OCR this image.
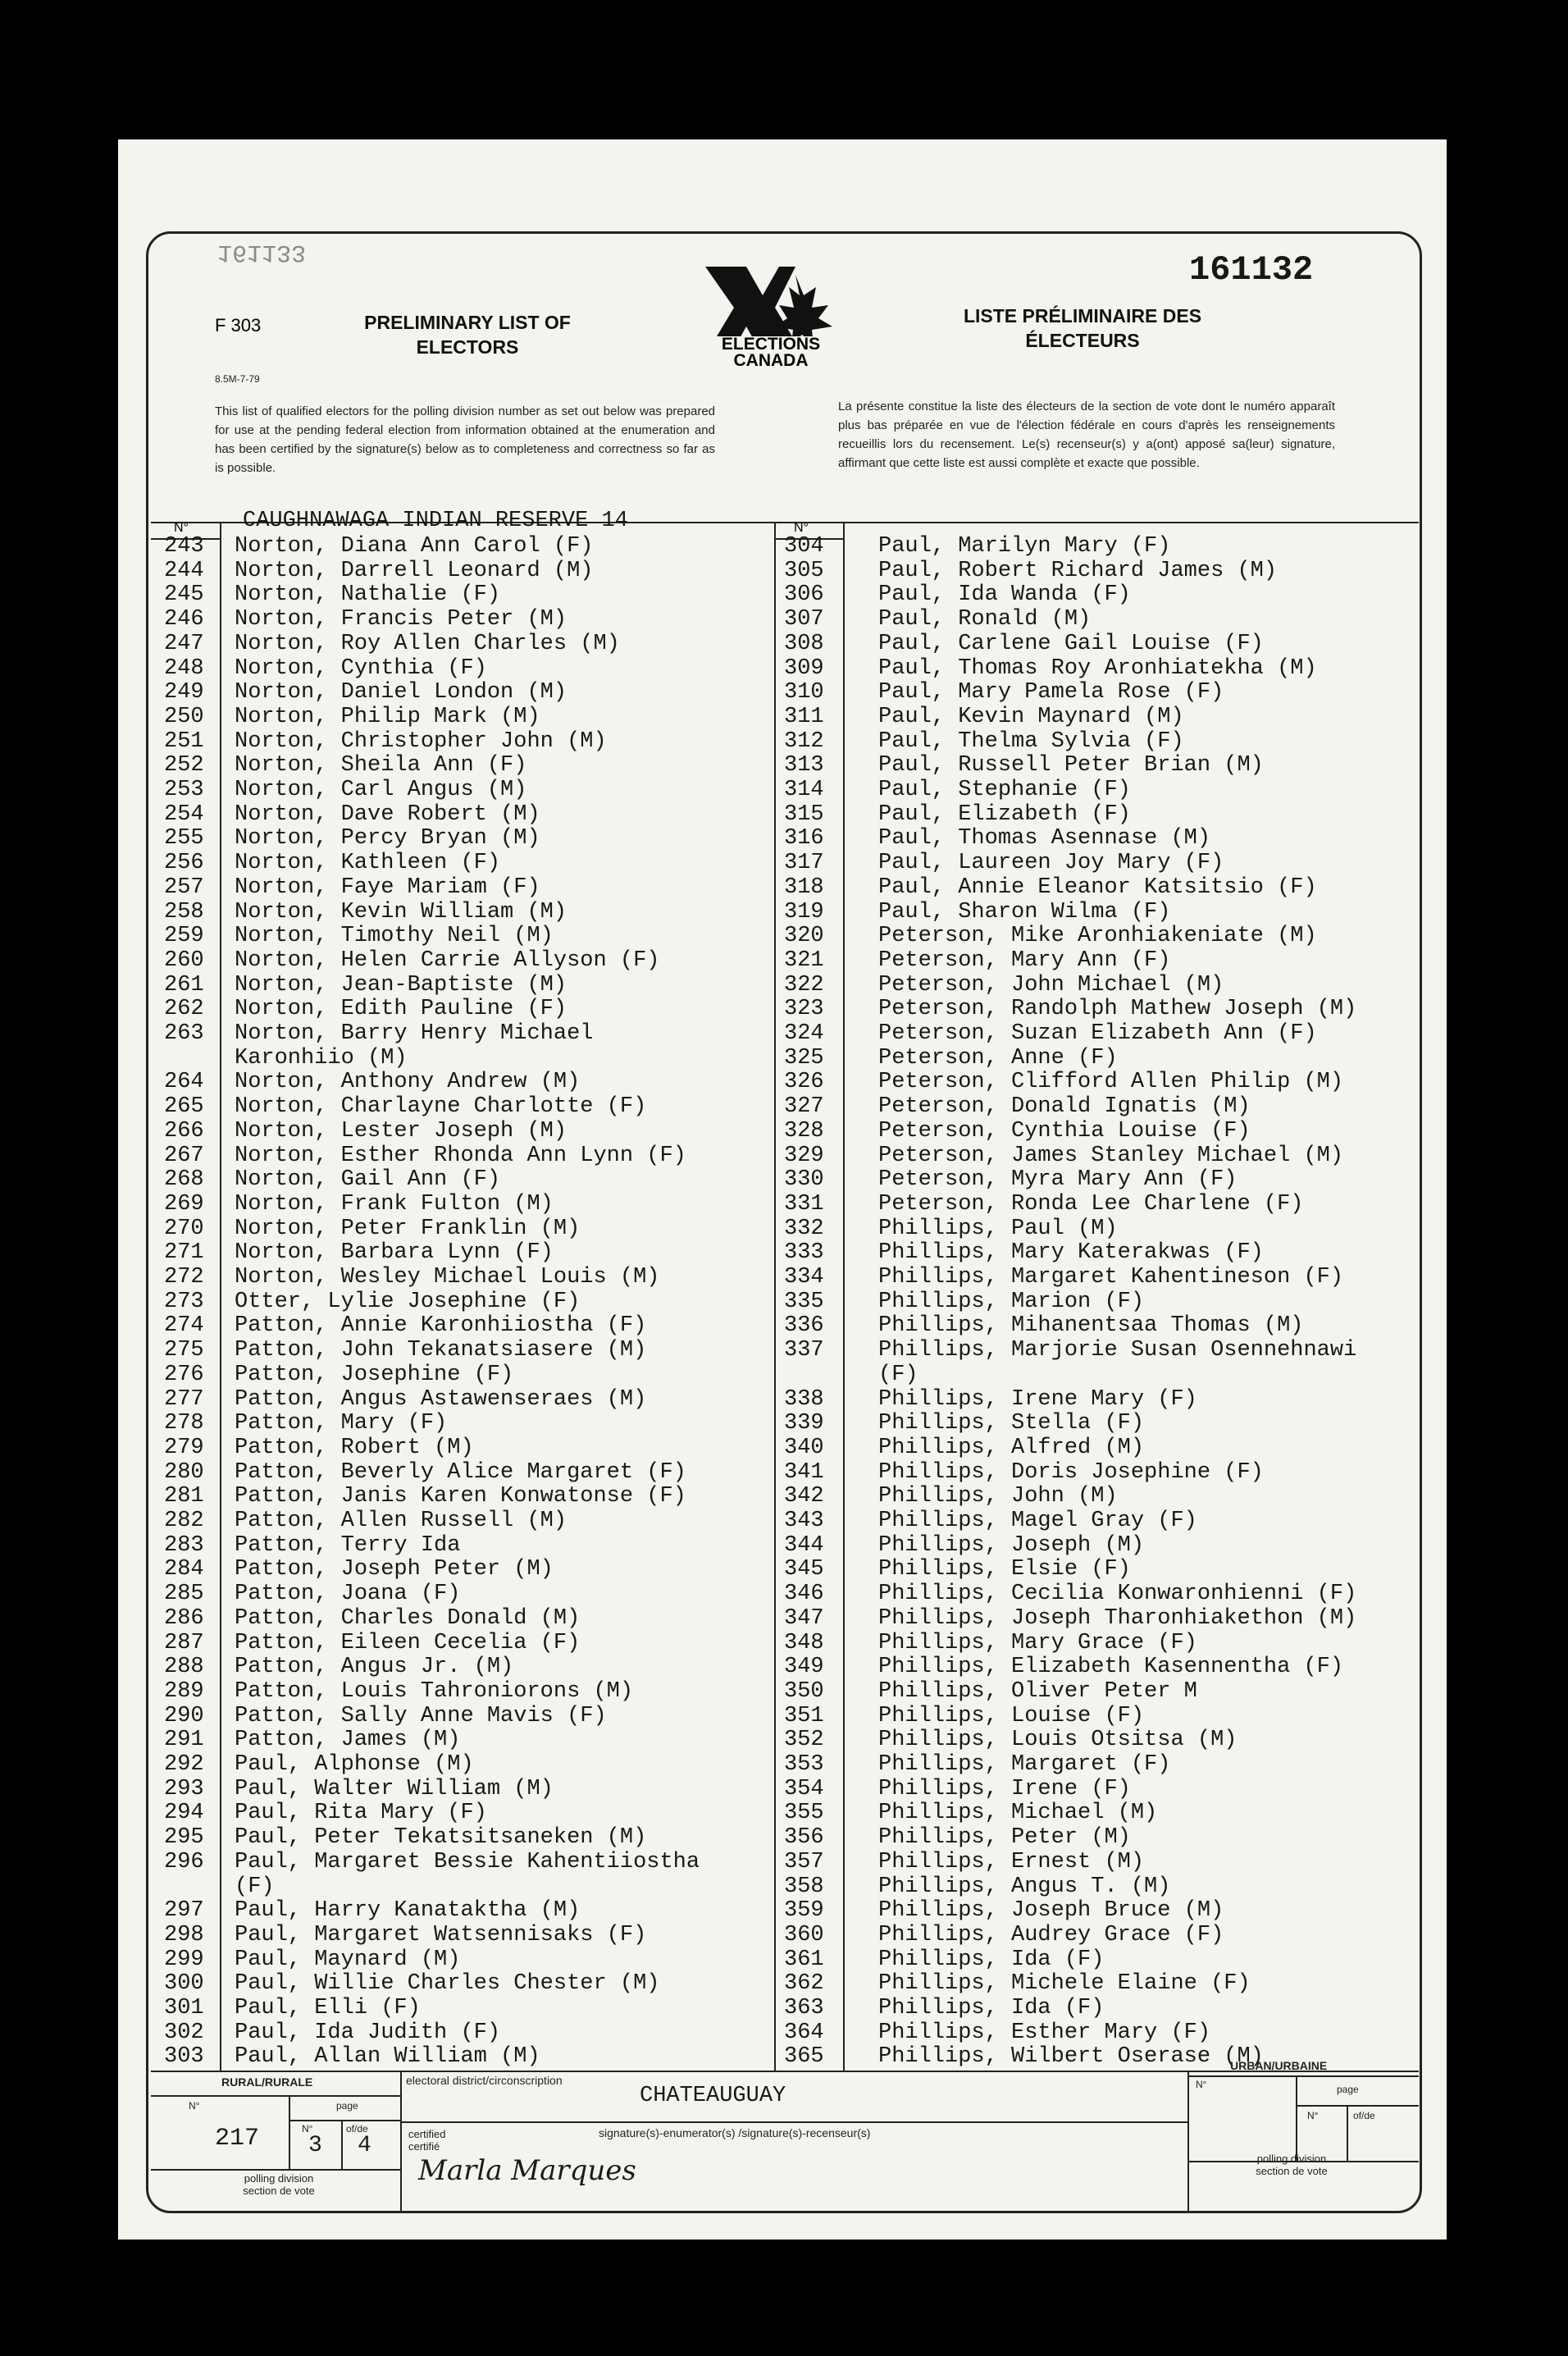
161133	161132
F 303
8.5M-7-79
PRELIMINARY LIST OF
ELECTORS	ELECTIONS
CANADA
LISTE PRÉLIMINAIRE DES
ÉLECTEURS
This list of qualified electors for the polling division number as set out below was prepared for use at the pending federal election from information obtained at the enumeration and has been certified by the signature(s) below as to completeness and correctness so far as is possible.
La présente constitue la liste des électeurs de la section de vote dont le numéro apparaît plus bas préparée en vue de l'élection fédérale en cours d'après les renseignements recueillis lors du recensement. Le(s) recenseur(s) y a(ont) apposé sa(leur) signature, affirmant que cette liste est aussi complète et exacte que possible.
N°	N°
CAUGHNAWAGA INDIAN RESERVE 14
243	Norton, Diana Ann Carol (F)
244	Norton, Darrell Leonard (M)
245	Norton, Nathalie (F)
246	Norton, Francis Peter (M)
247	Norton, Roy Allen Charles (M)
248	Norton, Cynthia (F)
249	Norton, Daniel London (M)
250	Norton, Philip Mark (M)
251	Norton, Christopher John (M)
252	Norton, Sheila Ann (F)
253	Norton, Carl Angus (M)
254	Norton, Dave Robert (M)
255	Norton, Percy Bryan (M)
256	Norton, Kathleen (F)
257	Norton, Faye Mariam (F)
258	Norton, Kevin William (M)
259	Norton, Timothy Neil (M)
260	Norton, Helen Carrie Allyson (F)
261	Norton, Jean-Baptiste (M)
262	Norton, Edith Pauline (F)
263	Norton, Barry Henry Michael
Karonhiio (M)
264	Norton, Anthony Andrew (M)
265	Norton, Charlayne Charlotte (F)
266	Norton, Lester Joseph (M)
267	Norton, Esther Rhonda Ann Lynn (F)
268	Norton, Gail Ann (F)
269	Norton, Frank Fulton (M)
270	Norton, Peter Franklin (M)
271	Norton, Barbara Lynn (F)
272	Norton, Wesley Michael Louis (M)
273	Otter, Lylie Josephine (F)
274	Patton, Annie Karonhiiostha (F)
275	Patton, John Tekanatsiasere (M)
276	Patton, Josephine (F)
277	Patton, Angus Astawenseraes (M)
278	Patton, Mary (F)
279	Patton, Robert (M)
280	Patton, Beverly Alice Margaret (F)
281	Patton, Janis Karen Konwatonse (F)
282	Patton, Allen Russell (M)
283	Patton, Terry Ida
284	Patton, Joseph Peter (M)
285	Patton, Joana (F)
286	Patton, Charles Donald (M)
287	Patton, Eileen Cecelia (F)
288	Patton, Angus Jr. (M)
289	Patton, Louis Tahroniorons (M)
290	Patton, Sally Anne Mavis (F)
291	Patton, James (M)
292	Paul, Alphonse (M)
293	Paul, Walter William (M)
294	Paul, Rita Mary (F)
295	Paul, Peter Tekatsitsaneken (M)
296	Paul, Margaret Bessie Kahentiiostha
(F)
297	Paul, Harry Kanataktha (M)
298	Paul, Margaret Watsennisaks (F)
299	Paul, Maynard (M)
300	Paul, Willie Charles Chester (M)
301	Paul, Elli (F)
302	Paul, Ida Judith (F)
303	Paul, Allan William (M)
304	Paul, Marilyn Mary (F)
305	Paul, Robert Richard James (M)
306	Paul, Ida Wanda (F)
307	Paul, Ronald (M)
308	Paul, Carlene Gail Louise (F)
309	Paul, Thomas Roy Aronhiatekha (M)
310	Paul, Mary Pamela Rose (F)
311	Paul, Kevin Maynard (M)
312	Paul, Thelma Sylvia (F)
313	Paul, Russell Peter Brian (M)
314	Paul, Stephanie (F)
315	Paul, Elizabeth (F)
316	Paul, Thomas Asennase (M)
317	Paul, Laureen Joy Mary (F)
318	Paul, Annie Eleanor Katsitsio (F)
319	Paul, Sharon Wilma (F)
320	Peterson, Mike Aronhiakeniate (M)
321	Peterson, Mary Ann (F)
322	Peterson, John Michael (M)
323	Peterson, Randolph Mathew Joseph (M)
324	Peterson, Suzan Elizabeth Ann (F)
325	Peterson, Anne (F)
326	Peterson, Clifford Allen Philip (M)
327	Peterson, Donald Ignatis (M)
328	Peterson, Cynthia Louise (F)
329	Peterson, James Stanley Michael (M)
330	Peterson, Myra Mary Ann (F)
331	Peterson, Ronda Lee Charlene (F)
332	Phillips, Paul (M)
333	Phillips, Mary Katerakwas (F)
334	Phillips, Margaret Kahentineson (F)
335	Phillips, Marion (F)
336	Phillips, Mihanentsaa Thomas (M)
337	Phillips, Marjorie Susan Osennehnawi
(F)
338	Phillips, Irene Mary (F)
339	Phillips, Stella (F)
340	Phillips, Alfred (M)
341	Phillips, Doris Josephine (F)
342	Phillips, John (M)
343	Phillips, Magel Gray (F)
344	Phillips, Joseph (M)
345	Phillips, Elsie (F)
346	Phillips, Cecilia Konwaronhienni (F)
347	Phillips, Joseph Tharonhiakethon (M)
348	Phillips, Mary Grace (F)
349	Phillips, Elizabeth Kasennentha (F)
350	Phillips, Oliver Peter M
351	Phillips, Louise (F)
352	Phillips, Louis Otsitsa (M)
353	Phillips, Margaret (F)
354	Phillips, Irene (F)
355	Phillips, Michael (M)
356	Phillips, Peter (M)
357	Phillips, Ernest (M)
358	Phillips, Angus T. (M)
359	Phillips, Joseph Bruce (M)
360	Phillips, Audrey Grace (F)
361	Phillips, Ida (F)
362	Phillips, Michele Elaine (F)
363	Phillips, Ida (F)
364	Phillips, Esther Mary (F)
365	Phillips, Wilbert Oserase (M)
RURAL/RURALE
N°	page
217	N°
3
of/de
4
polling division
section de vote
electoral district/circonscription
CHATEAUGUAY
certified
certifié
signature(s)-enumerator(s) /signature(s)-recenseur(s)
Marla Marques
URBAN/URBAINE
N°	page
N°	of/de
polling division
section de vote
